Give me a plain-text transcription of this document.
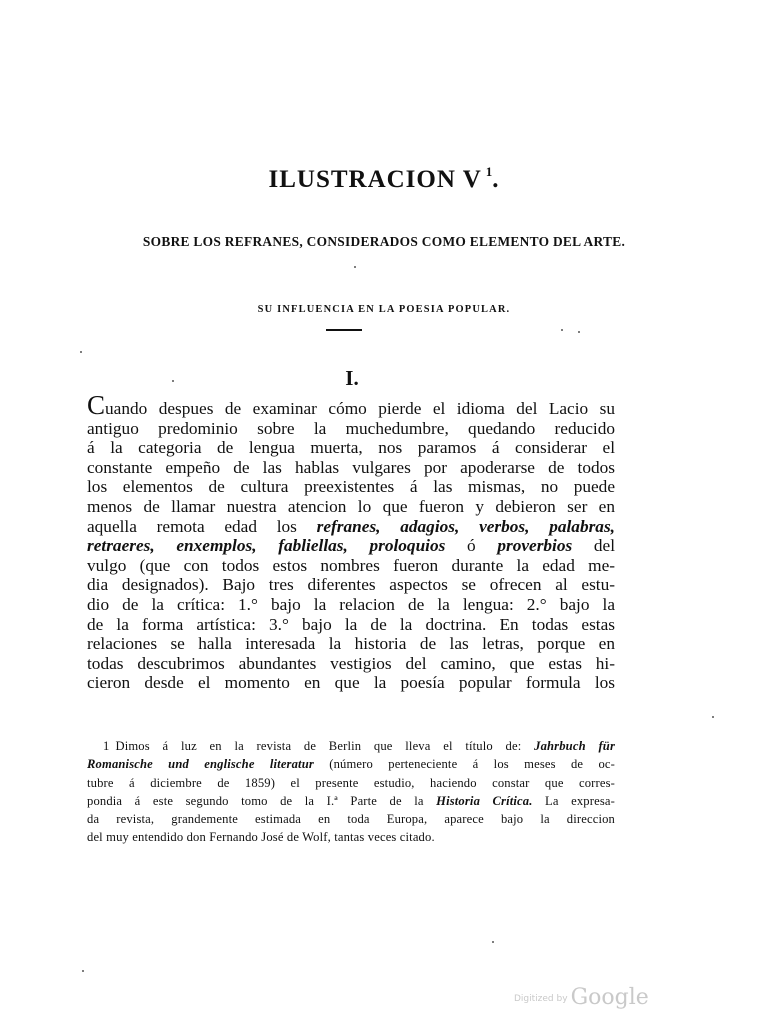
ILUSTRACION V $^1$.
SOBRE LOS REFRANES, CONSIDERADOS COMO ELEMENTO DEL ARTE.
SU INFLUENCIA EN LA POESIA POPULAR.
I.
Cuando despues de examinar cómo pierde el idioma del Lacio su
antiguo predominio sobre la muchedumbre, quedando reducido
á la categoria de lengua muerta, nos paramos á considerar el
constante empeño de las hablas vulgares por apoderarse de todos
los elementos de cultura preexistentes á las mismas, no puede
menos de llamar nuestra atencion lo que fueron y debieron ser en
aquella remota edad los refranes, adagios, verbos, palabras,
retraeres, enxemplos, fabliellas, proloquios ó proverbios del
vulgo (que con todos estos nombres fueron durante la edad me-
dia designados). Bajo tres diferentes aspectos se ofrecen al estu-
dio de la crítica: 1.° bajo la relacion de la lengua: 2.° bajo la
de la forma artística: 3.° bajo la de la doctrina. En todas estas
relaciones se halla interesada la historia de las letras, porque en
todas descubrimos abundantes vestigios del camino, que estas hi-
cieron desde el momento en que la poesía popular formula los
1 Dimos á luz en la revista de Berlin que lleva el título de: Jahrbuch für
Romanische und englische literatur (número perteneciente á los meses de oc-
tubre á diciembre de 1859) el presente estudio, haciendo constar que corres-
pondia á este segundo tomo de la I.ª Parte de la Historia Crítica. La expresa-
da revista, grandemente estimada en toda Europa, aparece bajo la direccion
del muy entendido don Fernando José de Wolf, tantas veces citado.
Digitized by Google
